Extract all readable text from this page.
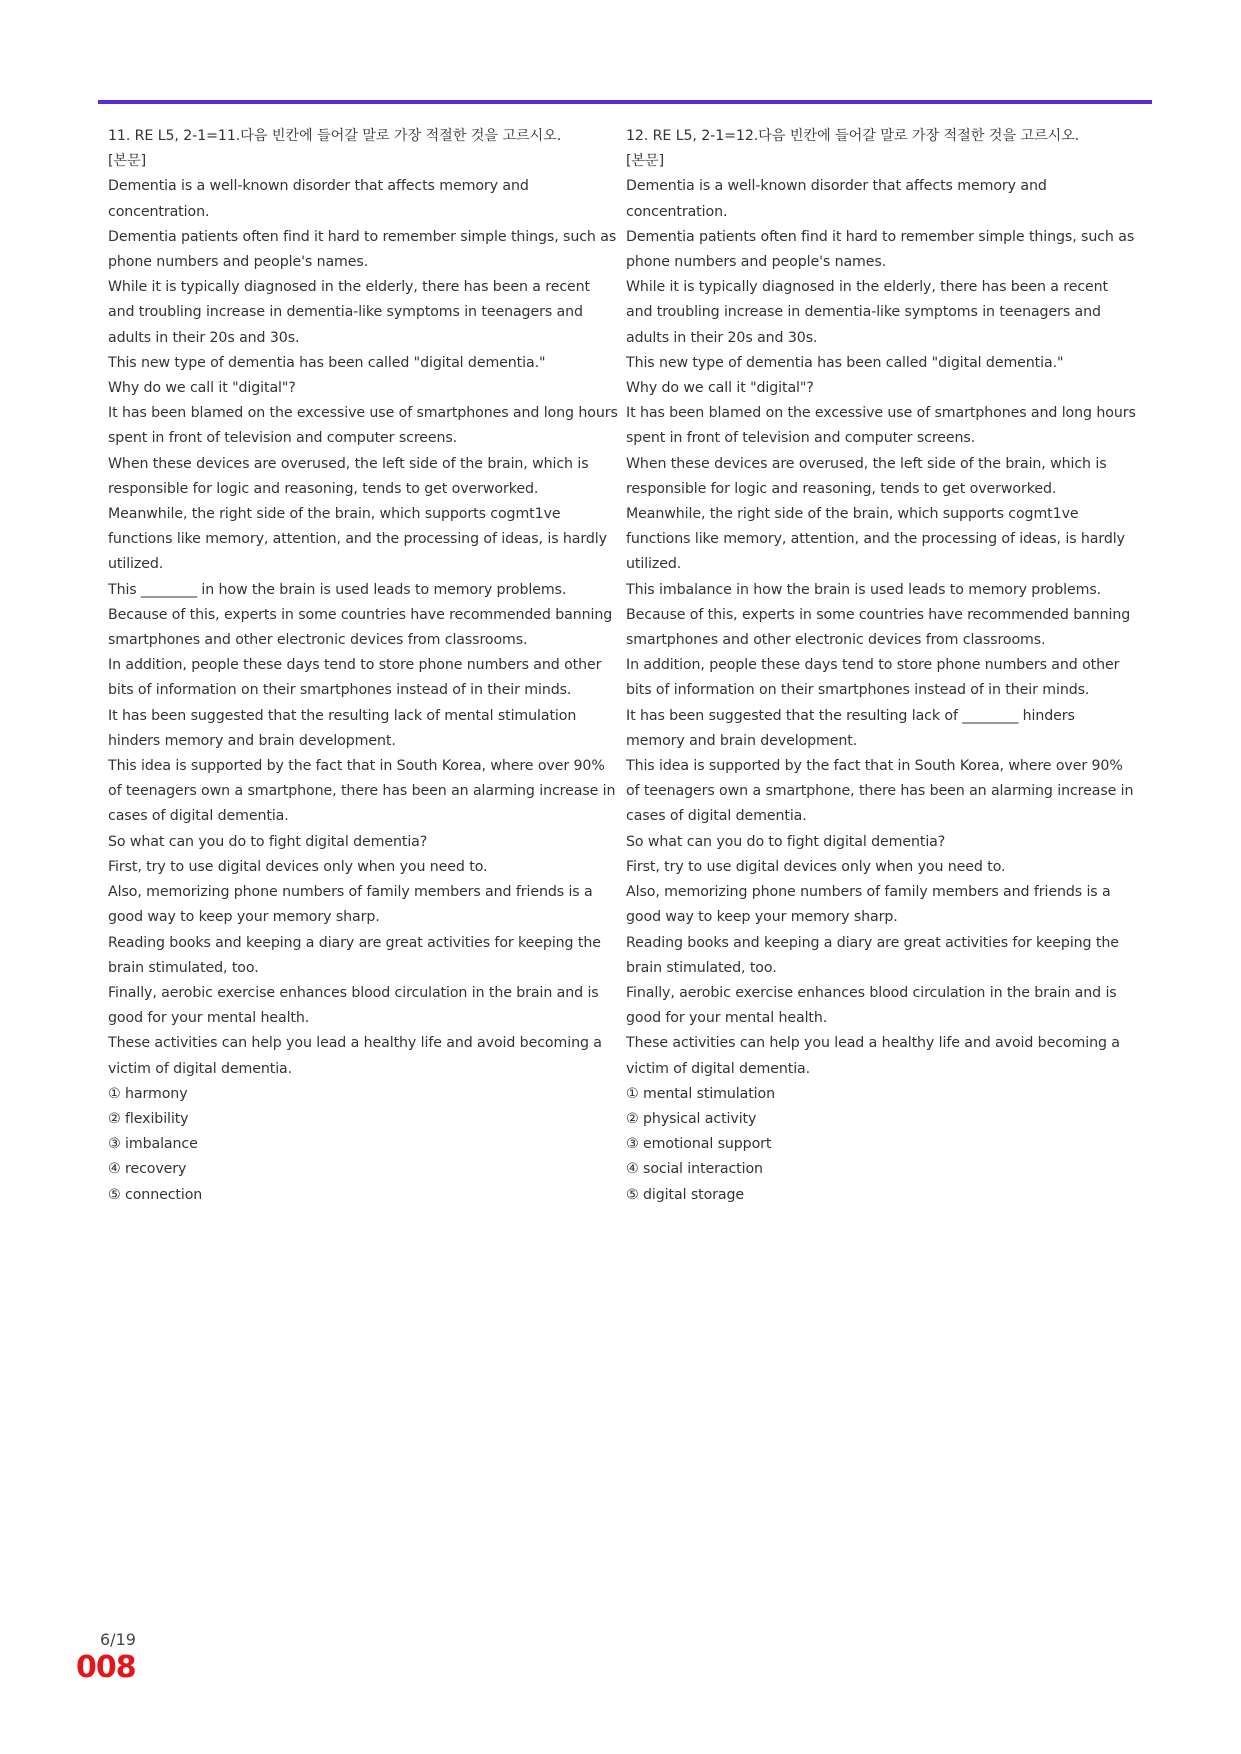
11. RE L5, 2-1=11.다음 빈칸에 들어갈 말로 가장 적절한 것을 고르시오.

[본문]

Dementia is a well-known disorder that affects memory and concentration.

Dementia patients often find it hard to remember simple things, such as phone numbers and people's names.

While it is typically diagnosed in the elderly, there has been a recent and troubling increase in dementia-like symptoms in teenagers and adults in their 20s and 30s.

This new type of dementia has been called "digital dementia."

Why do we call it "digital"?

It has been blamed on the excessive use of smartphones and long hours spent in front of television and computer screens.

When these devices are overused, the left side of the brain, which is responsible for logic and reasoning, tends to get overworked.

Meanwhile, the right side of the brain, which supports cogmt1ve functions like memory, attention, and the processing of ideas, is hardly utilized.

This ________ in how the brain is used leads to memory problems.

Because of this, experts in some countries have recommended banning smartphones and other electronic devices from classrooms.

In addition, people these days tend to store phone numbers and other bits of information on their smartphones instead of in their minds.

It has been suggested that the resulting lack of mental stimulation hinders memory and brain development.

This idea is supported by the fact that in South Korea, where over 90% of teenagers own a smartphone, there has been an alarming increase in cases of digital dementia.

So what can you do to fight digital dementia?

First, try to use digital devices only when you need to.

Also, memorizing phone numbers of family members and friends is a good way to keep your memory sharp.

Reading books and keeping a diary are great activities for keeping the brain stimulated, too.

Finally, aerobic exercise enhances blood circulation in the brain and is good for your mental health.

These activities can help you lead a healthy life and avoid becoming a victim of digital dementia.

① harmony
② flexibility
③ imbalance
④ recovery
⑤ connection

12. RE L5, 2-1=12.다음 빈칸에 들어갈 말로 가장 적절한 것을 고르시오.

[본문]

Dementia is a well-known disorder that affects memory and concentration.

Dementia patients often find it hard to remember simple things, such as phone numbers and people's names.

While it is typically diagnosed in the elderly, there has been a recent and troubling increase in dementia-like symptoms in teenagers and adults in their 20s and 30s.

This new type of dementia has been called "digital dementia."

Why do we call it "digital"?

It has been blamed on the excessive use of smartphones and long hours spent in front of television and computer screens.

When these devices are overused, the left side of the brain, which is responsible for logic and reasoning, tends to get overworked.

Meanwhile, the right side of the brain, which supports cogmt1ve functions like memory, attention, and the processing of ideas, is hardly utilized.

This imbalance in how the brain is used leads to memory problems.

Because of this, experts in some countries have recommended banning smartphones and other electronic devices from classrooms.

In addition, people these days tend to store phone numbers and other bits of information on their smartphones instead of in their minds.

It has been suggested that the resulting lack of ________ hinders memory and brain development.

This idea is supported by the fact that in South Korea, where over 90% of teenagers own a smartphone, there has been an alarming increase in cases of digital dementia.

So what can you do to fight digital dementia?

First, try to use digital devices only when you need to.

Also, memorizing phone numbers of family members and friends is a good way to keep your memory sharp.

Reading books and keeping a diary are great activities for keeping the brain stimulated, too.

Finally, aerobic exercise enhances blood circulation in the brain and is good for your mental health.

These activities can help you lead a healthy life and avoid becoming a victim of digital dementia.

① mental stimulation
② physical activity
③ emotional support
④ social interaction
⑤ digital storage
6/19
008
